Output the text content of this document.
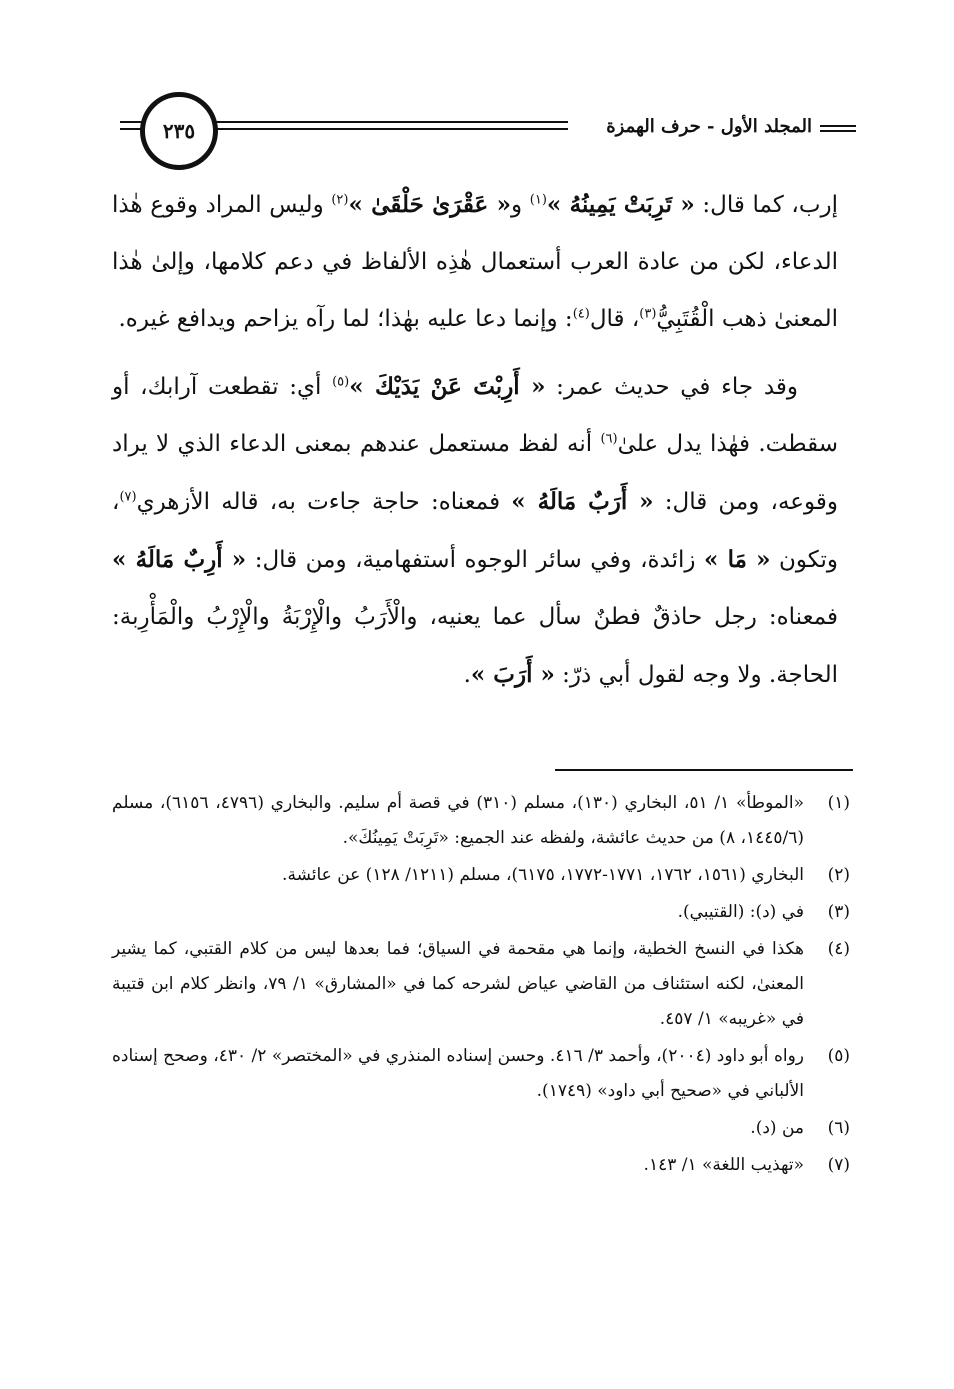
٢٣٥	المجلد الأول - حرف الهمزة

إرب، كما قال: « تَرِبَتْ يَمِينُهُ »$^{(١)}$ و« عَقْرَىٰ حَلْقَىٰ »$^{(٢)}$ وليس المراد وقوع هٰذا الدعاء، لكن من عادة العرب أستعمال هٰذِه الألفاظ في دعم كلامها، وإلىٰ هٰذا المعنىٰ ذهب الْقُتَبِيُّ$^{(٣)}$، قال$^{(٤)}$: وإنما دعا عليه بهٰذا؛ لما رآه يزاحم ويدافع غيره.

وقد جاء في حديث عمر: « أَرِبْتَ عَنْ يَدَيْكَ »$^{(٥)}$ أي: تقطعت آرابك، أو سقطت. فهٰذا يدل علىٰ$^{(٦)}$ أنه لفظ مستعمل عندهم بمعنى الدعاء الذي لا يراد وقوعه، ومن قال: « أَرَبٌ مَالَهُ » فمعناه: حاجة جاءت به، قاله الأزهري$^{(٧)}$، وتكون « مَا » زائدة، وفي سائر الوجوه أستفهامية، ومن قال: « أَرِبٌ مَالَهُ » فمعناه: رجل حاذقٌ فطنٌ سأل عما يعنيه، والْأَرَبُ والْإِرْبَةُ والْإِرْبُ والْمَأْرِبة: الحاجة. ولا وجه لقول أبي ذرّ: « أَرَبَ ».

(١)
«الموطأ» ١/ ٥١، البخاري (١٣٠)، مسلم (٣١٠) في قصة أم سليم. والبخاري (٤٧٩٦، ٦١٥٦)، مسلم (١٤٤٥/٦، ٨) من حديث عائشة، ولفظه عند الجميع: «تَرِبَتْ يَمِينُكَ».
(٢)
البخاري (١٥٦١، ١٧٦٢، ١٧٧١-١٧٧٢، ٦١٧٥)، مسلم (١٢١١/ ١٢٨) عن عائشة.
(٣)
في (د): (القتيبي).
(٤)
هكذا في النسخ الخطية، وإنما هي مقحمة في السياق؛ فما بعدها ليس من كلام القتبي، كما يشير المعنىٰ، لكنه استئناف من القاضي عياض لشرحه كما في «المشارق» ١/ ٧٩، وانظر كلام ابن قتيبة في «غريبه» ١/ ٤٥٧.
(٥)
رواه أبو داود (٢٠٠٤)، وأحمد ٣/ ٤١٦. وحسن إسناده المنذري في «المختصر» ٢/ ٤٣٠، وصحح إسناده الألباني في «صحيح أبي داود» (١٧٤٩).
(٦)
من (د).
(٧)
«تهذيب اللغة» ١/ ١٤٣.
